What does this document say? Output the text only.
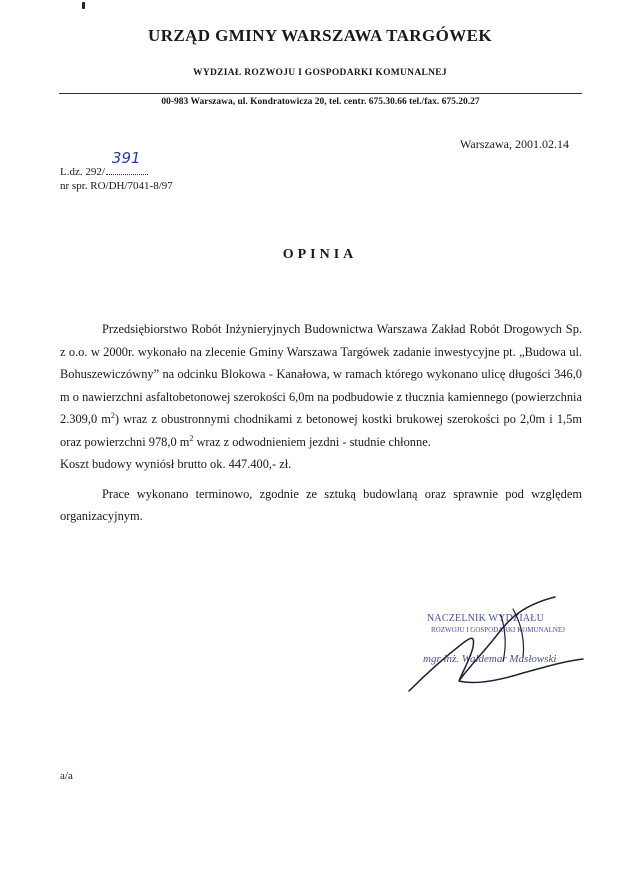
URZĄD GMINY WARSZAWA TARGÓWEK
WYDZIAŁ ROZWOJU I GOSPODARKI KOMUNALNEJ
00-983 Warszawa, ul. Kondratowicza 20, tel. centr. 675.30.66 tel./fax. 675.20.27
Warszawa, 2001.02.14
L.dz. 292/
391
nr spr. RO/DH/7041-8/97
OPINIA

Przedsiębiorstwo Robót Inżynieryjnych Budownictwa Warszawa Zakład Robót Drogowych Sp. z o.o. w 2000r. wykonało na zlecenie Gminy Warszawa Targówek zadanie inwestycyjne pt. „Budowa ul. Bohuszewiczówny” na odcinku Blokowa - Kanałowa, w ramach którego wykonano ulicę długości 346,0 m o nawierzchni asfaltobetonowej szerokości 6,0m na podbudowie z tłucznia kamiennego (powierzchnia 2.309,0 $m^2$) wraz z obustronnymi chodnikami z betonowej kostki brukowej szerokości po 2,0m i 1,5m oraz powierzchni 978,0 $m^2$ wraz z odwodnieniem jezdni - studnie chłonne.

Koszt budowy wyniósł brutto ok. 447.400,- zł.

Prace wykonano terminowo, zgodnie ze sztuką budowlaną oraz sprawnie pod względem organizacyjnym.

NACZELNIK WYDZIAŁU
ROZWOJU I GOSPODARKI KOMUNALNEJ
mgr inż. Waldemar Masłowski
a/a
